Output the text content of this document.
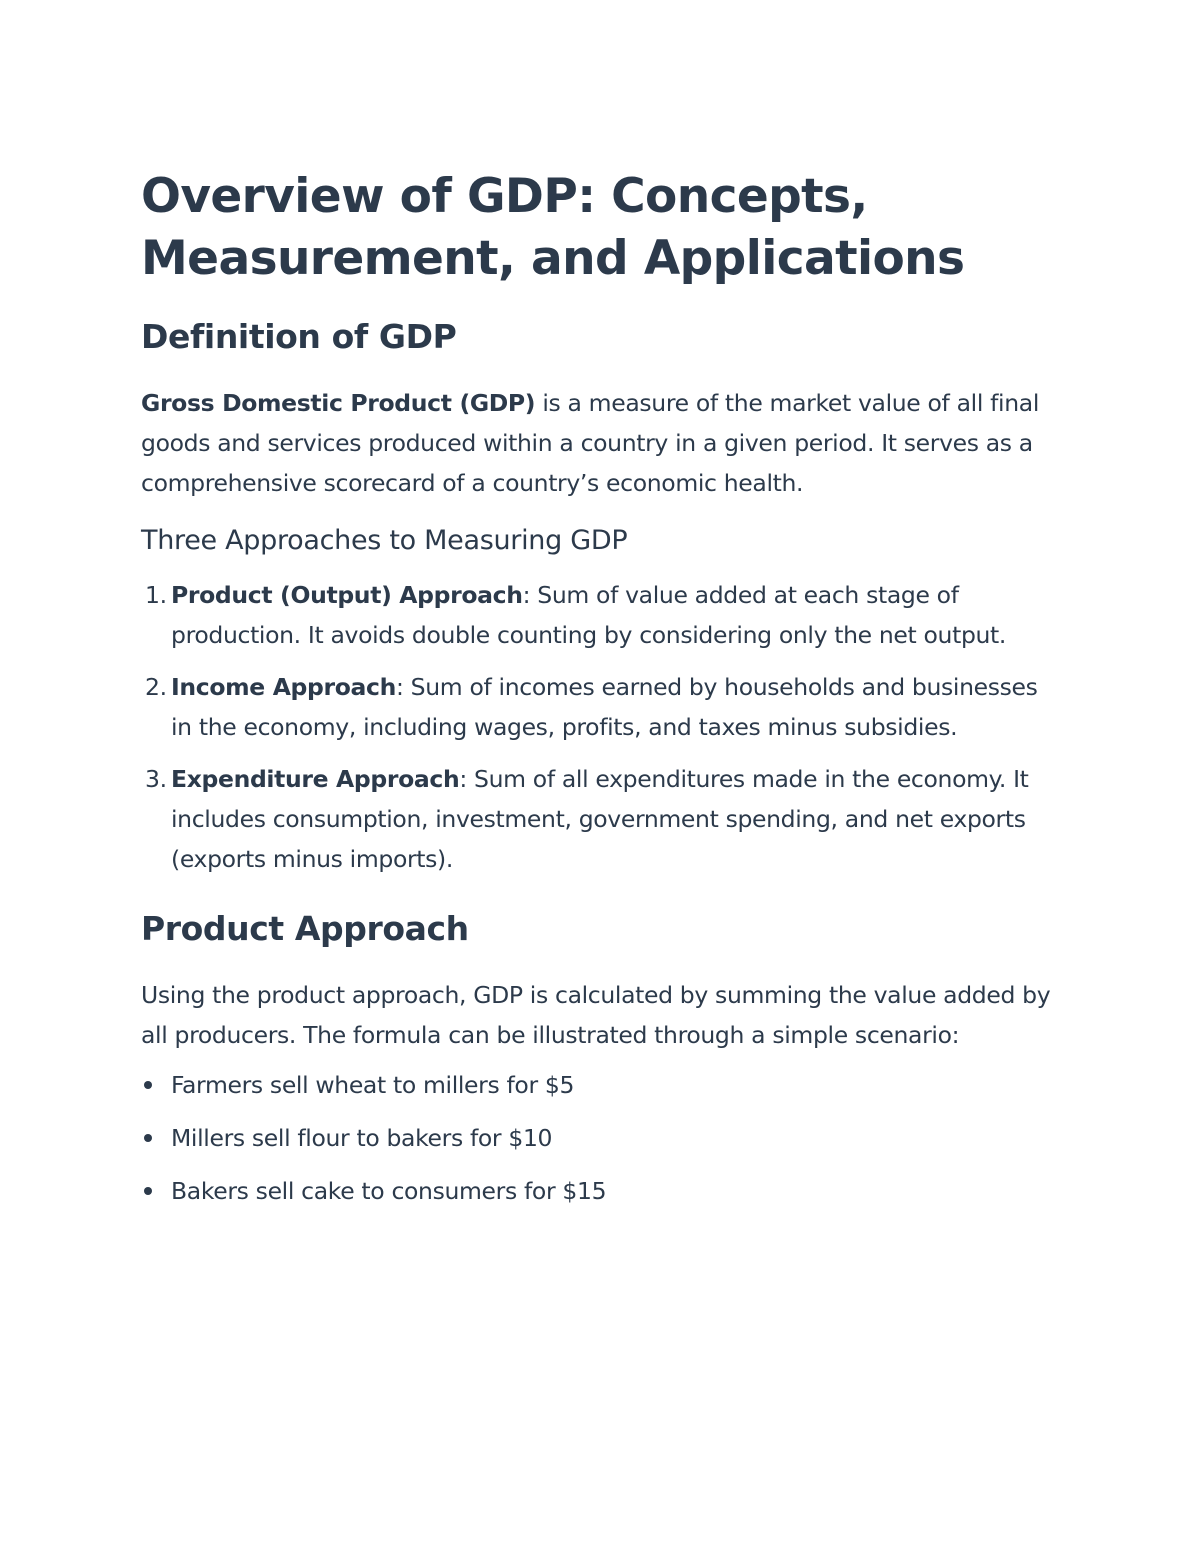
Overview of GDP: Concepts, Measurement, and Applications
Definition of GDP

Gross Domestic Product (GDP) is a measure of the market value of all final goods and services produced within a country in a given period. It serves as a comprehensive scorecard of a country’s economic health.

Three Approaches to Measuring GDP
1. Product (Output) Approach: Sum of value added at each stage of production. It avoids double counting by considering only the net output.
2. Income Approach: Sum of incomes earned by households and businesses in the economy, including wages, profits, and taxes minus subsidies.
3. Expenditure Approach: Sum of all expenditures made in the economy. It includes consumption, investment, government spending, and net exports (exports minus imports).
Product Approach

Using the product approach, GDP is calculated by summing the value added by all producers. The formula can be illustrated through a simple scenario:

Farmers sell wheat to millers for $5
Millers sell flour to bakers for $10
Bakers sell cake to consumers for $15
